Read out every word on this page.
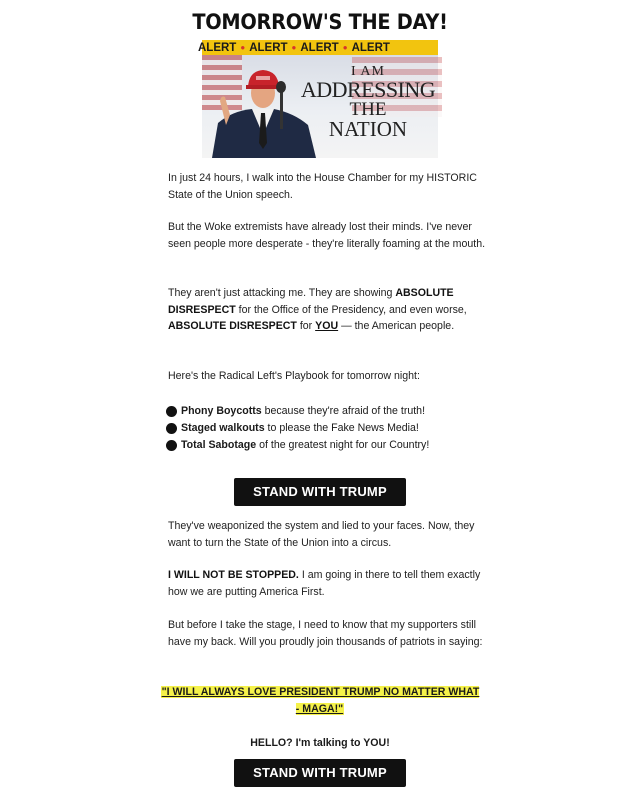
TOMORROW'S THE DAY!
ALERT ● ALERT ● ALERT ● ALERT
I AM
ADDRESSING
THE
NATION
In just 24 hours, I walk into the House Chamber for my HISTORIC State of the Union speech.
But the Woke extremists have already lost their minds. I've never seen people more desperate - they're literally foaming at the mouth.
They aren't just attacking me. They are showing ABSOLUTE DISRESPECT for the Office of the Presidency, and even worse, ABSOLUTE DISRESPECT for YOU — the American people.
Here's the Radical Left's Playbook for tomorrow night:
Phony Boycotts because they're afraid of the truth!
Staged walkouts to please the Fake News Media!
Total Sabotage of the greatest night for our Country!
STAND WITH TRUMP
They've weaponized the system and lied to your faces. Now, they want to turn the State of the Union into a circus.
I WILL NOT BE STOPPED. I am going in there to tell them exactly how we are putting America First.
But before I take the stage, I need to know that my supporters still have my back. Will you proudly join thousands of patriots in saying:
"I WILL ALWAYS LOVE PRESIDENT TRUMP NO MATTER WHAT - MAGA!"
HELLO? I'm talking to YOU!
STAND WITH TRUMP
